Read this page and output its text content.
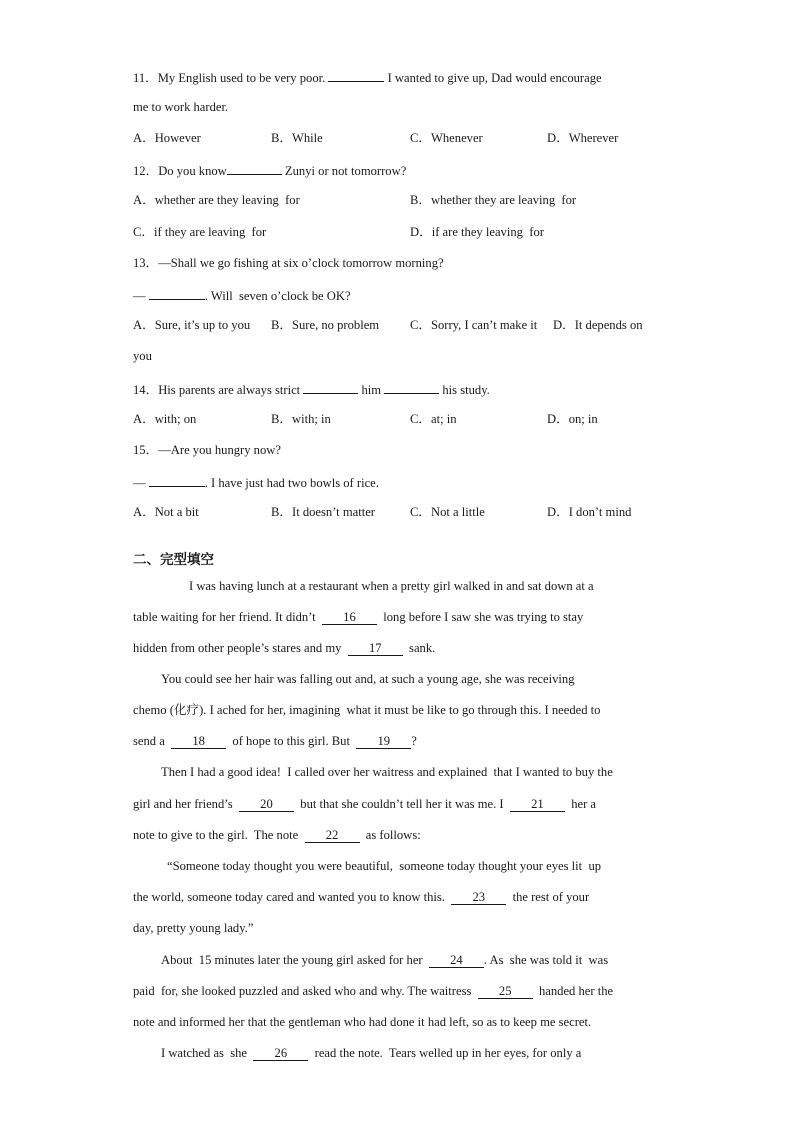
11．My English used to be very poor.	I wanted to give up, Dad would encourage
me to work harder.
A．However	B．While	C．Whenever	D．Wherever
12．Do you know	Zunyi or not tomorrow?
A．whether are they leaving  for	B．whether they are leaving  for
C．if they are leaving  for	D．if are they leaving  for
13．—Shall we go fishing at six o’clock tomorrow morning?
—	. Will  seven o’clock be OK?
A．Sure, it’s up to you B．Sure, no problem C．Sorry, I can’t make it D．It depends on
you
14．His parents are always strict	him	his study.
A．with; on	B．with; in	C．at; in	D．on; in
15．—Are you hungry now?
—	. I have just had two bowls of rice.
A．Not a bit	B．It doesn’t matter	C．Not a little	D．I don’t mind
二、完型填空
I was having lunch at a restaurant when a pretty girl walked in and sat down at a
table waiting for her friend. It didn’t  16  long before I saw she was trying to stay
hidden from other people’s stares and my  17  sank.
You could see her hair was falling out and, at such a young age, she was receiving
chemo (化疗). I ached for her, imagining  what it must be like to go through this. I needed to
send a  18  of hope to this girl. But  19 ?
Then I had a good idea!  I called over her waitress and explained  that I wanted to buy the
girl and her friend’s  20  but that she couldn’t tell her it was me. I  21  her a
note to give to the girl.  The note  22  as follows:
“Someone today thought you were beautiful,  someone today thought your eyes lit  up
the world, someone today cared and wanted you to know this.  23  the rest of your
day, pretty young lady.”
About  15 minutes later the young girl asked for her  24 . As  she was told it  was
paid  for, she looked puzzled and asked who and why. The waitress  25  handed her the
note and informed her that the gentleman who had done it had left, so as to keep me secret.
I watched as  she  26  read the note.  Tears welled up in her eyes, for only a
